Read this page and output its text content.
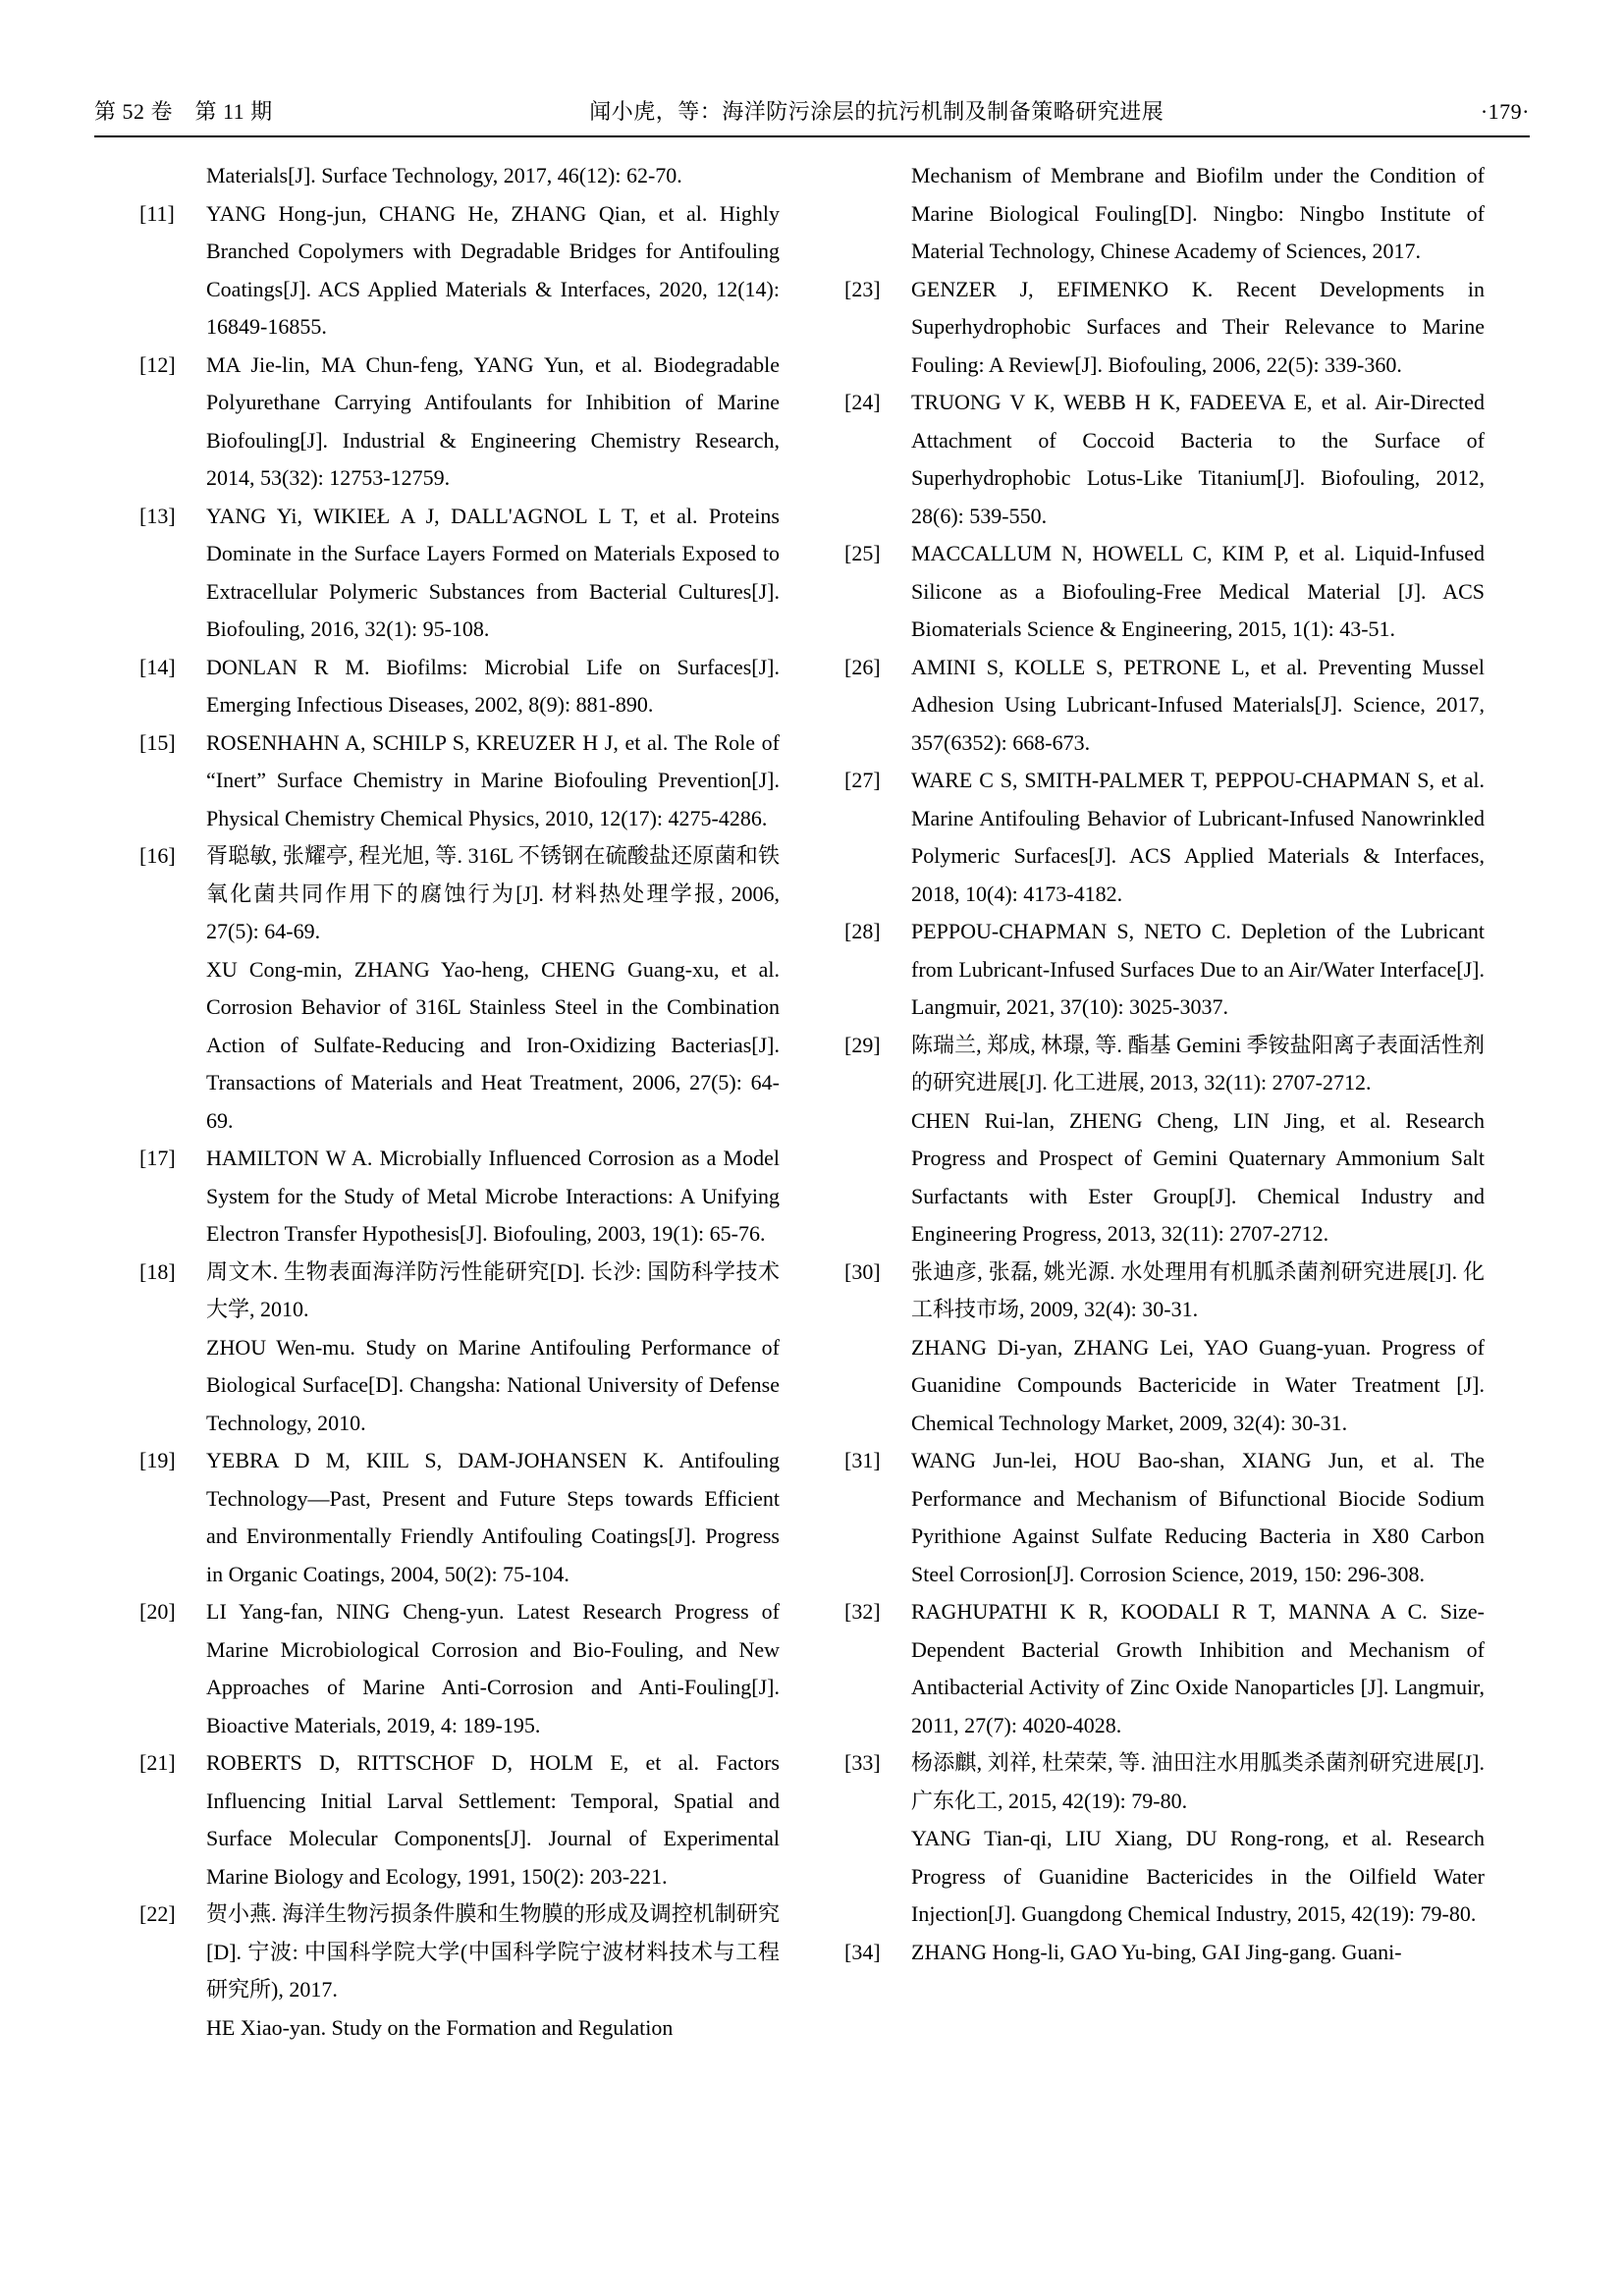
第 52 卷　第 11 期	闻小虎，等：海洋防污涂层的抗污机制及制备策略研究进展	·179·
Materials[J]. Surface Technology, 2017, 46(12): 62-70.
[11]	YANG Hong-jun, CHANG He, ZHANG Qian, et al. Highly Branched Copolymers with Degradable Bridges for Antifouling Coatings[J]. ACS Applied Materials & Interfaces, 2020, 12(14): 16849-16855.
[12]	MA Jie-lin, MA Chun-feng, YANG Yun, et al. Biodegradable Polyurethane Carrying Antifoulants for Inhibition of Marine Biofouling[J]. Industrial & Engineering Chemistry Research, 2014, 53(32): 12753-12759.
[13]	YANG Yi, WIKIEŁ A J, DALL'AGNOL L T, et al. Proteins Dominate in the Surface Layers Formed on Materials Exposed to Extracellular Polymeric Substances from Bacterial Cultures[J]. Biofouling, 2016, 32(1): 95-108.
[14]	DONLAN R M. Biofilms: Microbial Life on Surfaces[J]. Emerging Infectious Diseases, 2002, 8(9): 881-890.
[15]	ROSENHAHN A, SCHILP S, KREUZER H J, et al. The Role of “Inert” Surface Chemistry in Marine Biofouling Prevention[J]. Physical Chemistry Chemical Physics, 2010, 12(17): 4275-4286.
[16]	胥聪敏, 张耀亭, 程光旭, 等. 316L 不锈钢在硫酸盐还原菌和铁氧化菌共同作用下的腐蚀行为[J]. 材料热处理学报, 2006, 27(5): 64-69.
XU Cong-min, ZHANG Yao-heng, CHENG Guang-xu, et al. Corrosion Behavior of 316L Stainless Steel in the Combination Action of Sulfate-Reducing and Iron-Oxidizing Bacterias[J]. Transactions of Materials and Heat Treatment, 2006, 27(5): 64-69.
[17]	HAMILTON W A. Microbially Influenced Corrosion as a Model System for the Study of Metal Microbe Interactions: A Unifying Electron Transfer Hypothesis[J]. Biofouling, 2003, 19(1): 65-76.
[18]	周文木. 生物表面海洋防污性能研究[D]. 长沙: 国防科学技术大学, 2010.
ZHOU Wen-mu. Study on Marine Antifouling Performance of Biological Surface[D]. Changsha: National University of Defense Technology, 2010.
[19]	YEBRA D M, KIIL S, DAM-JOHANSEN K. Antifouling Technology—Past, Present and Future Steps towards Efficient and Environmentally Friendly Antifouling Coatings[J]. Progress in Organic Coatings, 2004, 50(2): 75-104.
[20]	LI Yang-fan, NING Cheng-yun. Latest Research Progress of Marine Microbiological Corrosion and Bio-Fouling, and New Approaches of Marine Anti-Corrosion and Anti-Fouling[J]. Bioactive Materials, 2019, 4: 189-195.
[21]	ROBERTS D, RITTSCHOF D, HOLM E, et al. Factors Influencing Initial Larval Settlement: Temporal, Spatial and Surface Molecular Components[J]. Journal of Experimental Marine Biology and Ecology, 1991, 150(2): 203-221.
[22]	贺小燕. 海洋生物污损条件膜和生物膜的形成及调控机制研究[D]. 宁波: 中国科学院大学(中国科学院宁波材料技术与工程研究所), 2017.
HE Xiao-yan. Study on the Formation and Regulation
Mechanism of Membrane and Biofilm under the Condition of Marine Biological Fouling[D]. Ningbo: Ningbo Institute of Material Technology, Chinese Academy of Sciences, 2017.
[23]	GENZER J, EFIMENKO K. Recent Developments in Superhydrophobic Surfaces and Their Relevance to Marine Fouling: A Review[J]. Biofouling, 2006, 22(5): 339-360.
[24]	TRUONG V K, WEBB H K, FADEEVA E, et al. Air-Directed Attachment of Coccoid Bacteria to the Surface of Superhydrophobic Lotus-Like Titanium[J]. Biofouling, 2012, 28(6): 539-550.
[25]	MACCALLUM N, HOWELL C, KIM P, et al. Liquid-Infused Silicone as a Biofouling-Free Medical Material [J]. ACS Biomaterials Science & Engineering, 2015, 1(1): 43-51.
[26]	AMINI S, KOLLE S, PETRONE L, et al. Preventing Mussel Adhesion Using Lubricant-Infused Materials[J]. Science, 2017, 357(6352): 668-673.
[27]	WARE C S, SMITH-PALMER T, PEPPOU-CHAPMAN S, et al. Marine Antifouling Behavior of Lubricant-Infused Nanowrinkled Polymeric Surfaces[J]. ACS Applied Materials & Interfaces, 2018, 10(4): 4173-4182.
[28]	PEPPOU-CHAPMAN S, NETO C. Depletion of the Lubricant from Lubricant-Infused Surfaces Due to an Air/Water Interface[J]. Langmuir, 2021, 37(10): 3025-3037.
[29]	陈瑞兰, 郑成, 林璟, 等. 酯基 Gemini 季铵盐阳离子表面活性剂的研究进展[J]. 化工进展, 2013, 32(11): 2707-2712.
CHEN Rui-lan, ZHENG Cheng, LIN Jing, et al. Research Progress and Prospect of Gemini Quaternary Ammonium Salt Surfactants with Ester Group[J]. Chemical Industry and Engineering Progress, 2013, 32(11): 2707-2712.
[30]	张迪彦, 张磊, 姚光源. 水处理用有机胍杀菌剂研究进展[J]. 化工科技市场, 2009, 32(4): 30-31.
ZHANG Di-yan, ZHANG Lei, YAO Guang-yuan. Progress of Guanidine Compounds Bactericide in Water Treatment [J]. Chemical Technology Market, 2009, 32(4): 30-31.
[31]	WANG Jun-lei, HOU Bao-shan, XIANG Jun, et al. The Performance and Mechanism of Bifunctional Biocide Sodium Pyrithione Against Sulfate Reducing Bacteria in X80 Carbon Steel Corrosion[J]. Corrosion Science, 2019, 150: 296-308.
[32]	RAGHUPATHI K R, KOODALI R T, MANNA A C. Size-Dependent Bacterial Growth Inhibition and Mechanism of Antibacterial Activity of Zinc Oxide Nanoparticles [J]. Langmuir, 2011, 27(7): 4020-4028.
[33]	杨添麒, 刘祥, 杜荣荣, 等. 油田注水用胍类杀菌剂研究进展[J]. 广东化工, 2015, 42(19): 79-80.
YANG Tian-qi, LIU Xiang, DU Rong-rong, et al. Research Progress of Guanidine Bactericides in the Oilfield Water Injection[J]. Guangdong Chemical Industry, 2015, 42(19): 79-80.
[34]	ZHANG Hong-li, GAO Yu-bing, GAI Jing-gang. Guani-
